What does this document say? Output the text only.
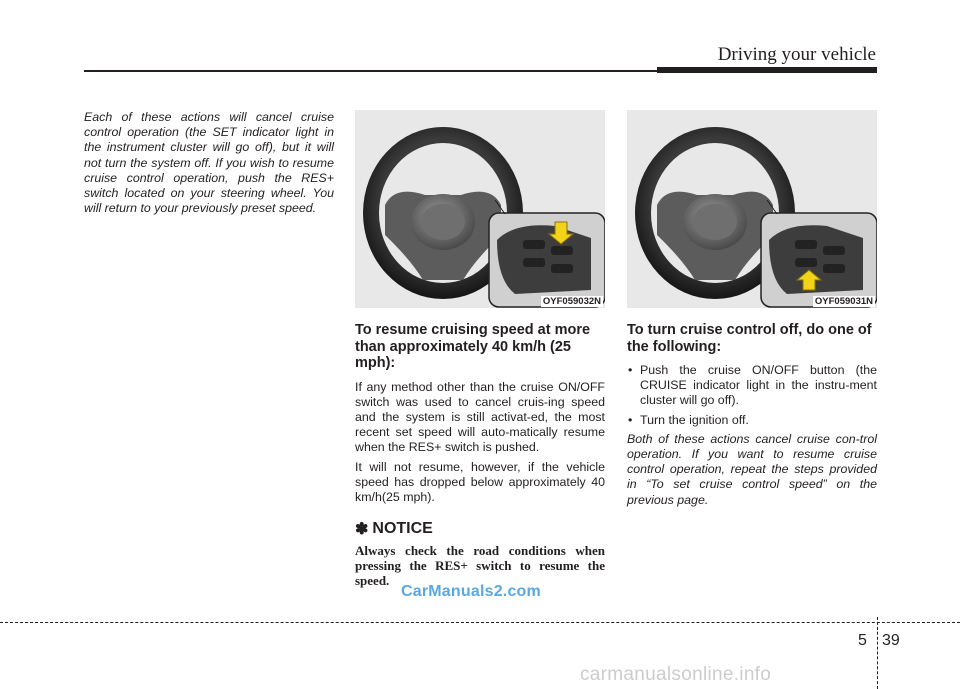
Driving your vehicle

Each of these actions will cancel cruise control operation (the SET indicator light in the instrument cluster will go off), but it will not turn the system off. If you wish to resume cruise control operation, push the RES+ switch located on your steering wheel. You will return to your previously preset speed.

OYF059032N
To resume cruising speed at more than approximately 40 km/h (25 mph):

If any method other than the cruise ON/OFF switch was used to cancel cruis-ing speed and the system is still activat-ed, the most recent set speed will auto-matically resume when the RES+ switch is pushed.

It will not resume, however, if the vehicle speed has dropped below approximately 40 km/h(25 mph).

✽ NOTICE

Always check the road conditions when pressing the RES+ switch to resume the speed.

OYF059031N
To turn cruise control off, do one of the following:
• Push the cruise ON/OFF button (the CRUISE indicator light in the instru-ment cluster will go off).
• Turn the ignition off.

Both of these actions cancel cruise con-trol operation. If you want to resume cruise control operation, repeat the steps provided in “To set cruise control speed” on the previous page.

CarManuals2.com
5 39
carmanualsonline.info
